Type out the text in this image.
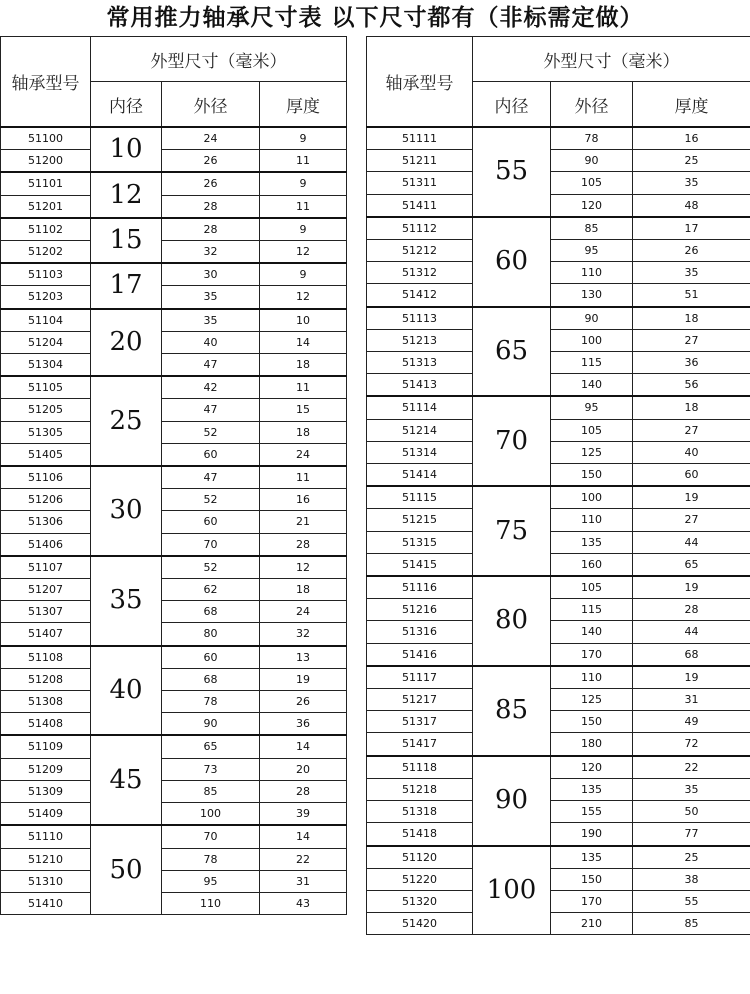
常用推力轴承尺寸表 以下尺寸都有（非标需定做）
轴承型号	外型尺寸（毫米）		
	内径	外径	厚度
51100	10	24	9
51200		26	11
51101	12	26	9
51201		28	11
51102	15	28	9
51202		32	12
51103	17	30	9
51203		35	12
51104	20	35	10
51204		40	14
51304		47	18
51105	25	42	11
51205		47	15
51305		52	18
51405		60	24
51106	30	47	11
51206		52	16
51306		60	21
51406		70	28
51107	35	52	12
51207		62	18
51307		68	24
51407		80	32
51108	40	60	13
51208		68	19
51308		78	26
51408		90	36
51109	45	65	14
51209		73	20
51309		85	28
51409		100	39
51110	50	70	14
51210		78	22
51310		95	31
51410		110	43
轴承型号	外型尺寸（毫米）		
	内径	外径	厚度
51111	55	78	16
51211		90	25
51311		105	35
51411		120	48
51112	60	85	17
51212		95	26
51312		110	35
51412		130	51
51113	65	90	18
51213		100	27
51313		115	36
51413		140	56
51114	70	95	18
51214		105	27
51314		125	40
51414		150	60
51115	75	100	19
51215		110	27
51315		135	44
51415		160	65
51116	80	105	19
51216		115	28
51316		140	44
51416		170	68
51117	85	110	19
51217		125	31
51317		150	49
51417		180	72
51118	90	120	22
51218		135	35
51318		155	50
51418		190	77
51120	100	135	25
51220		150	38
51320		170	55
51420		210	85
